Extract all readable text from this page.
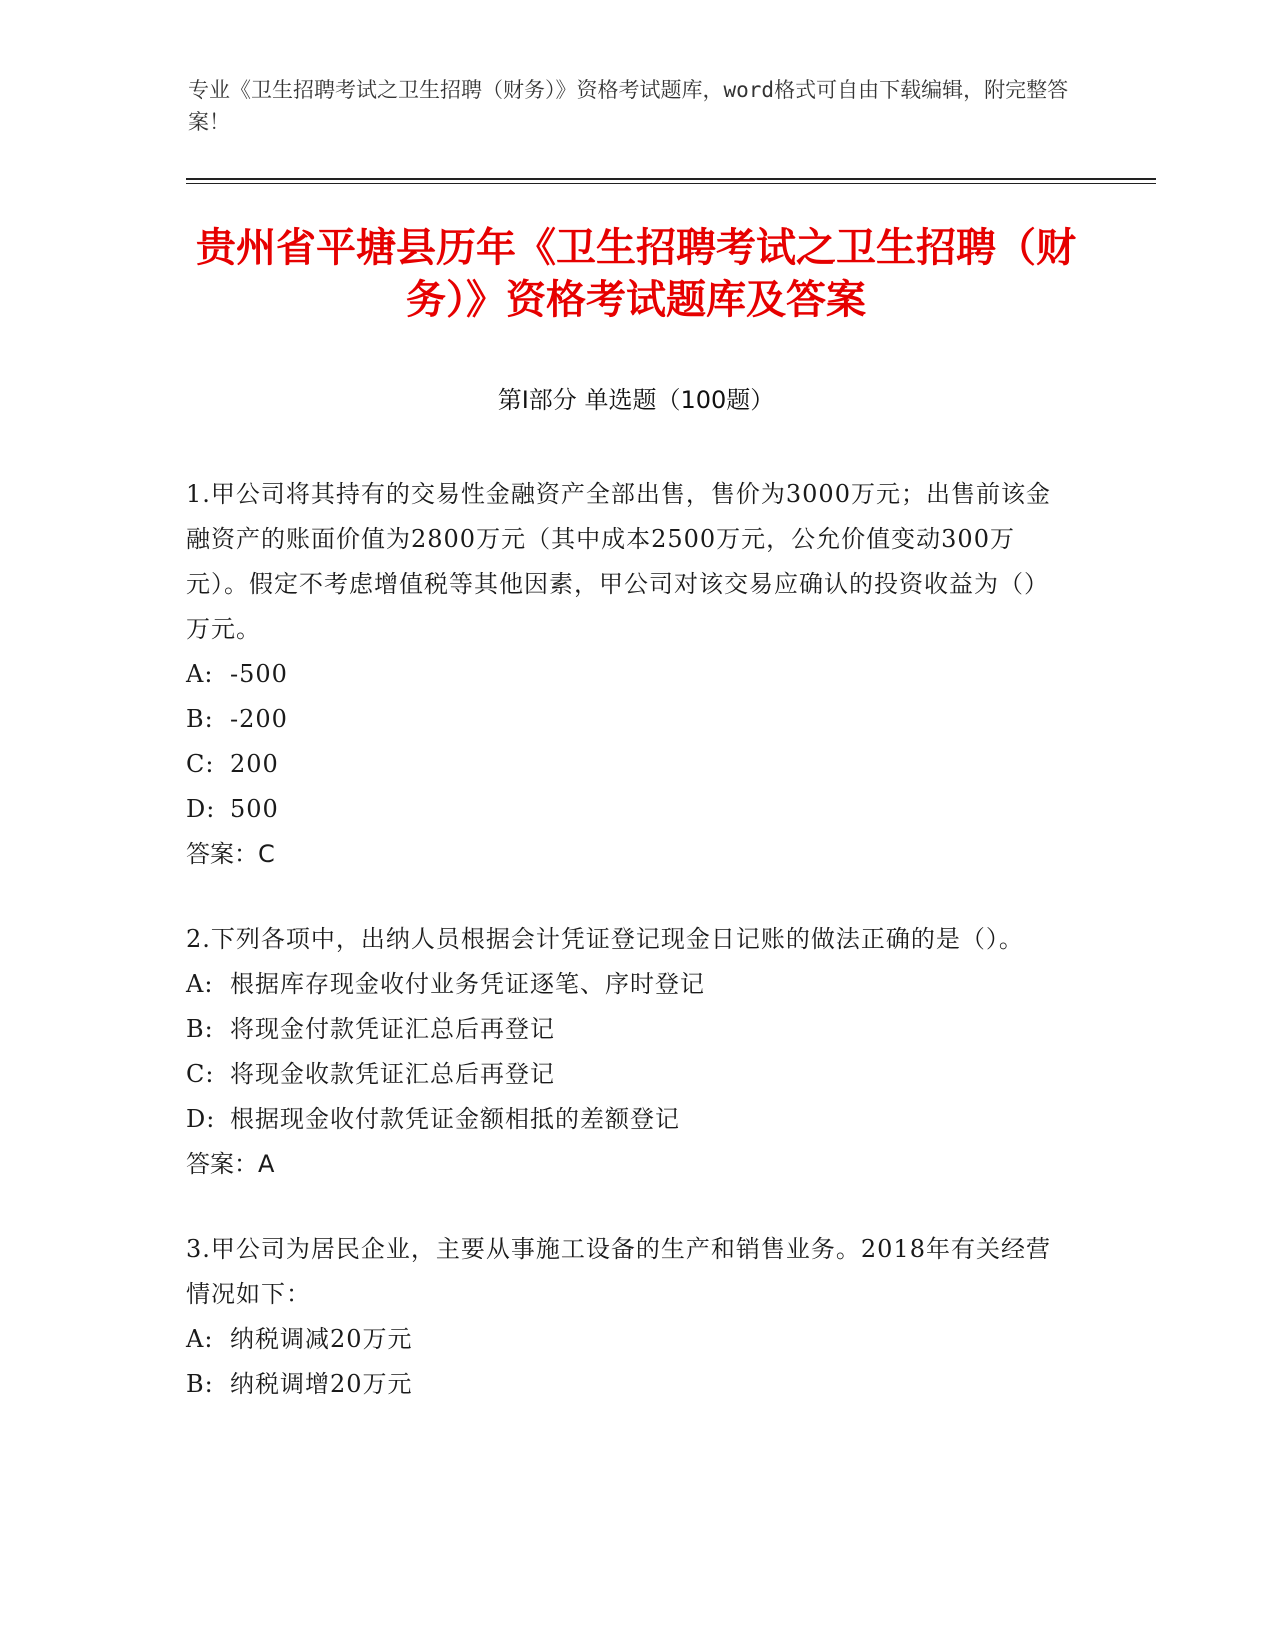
专业《卫生招聘考试之卫生招聘（财务）》资格考试题库，word格式可自由下载编辑，附完整答案！
贵州省平塘县历年《卫生招聘考试之卫生招聘（财务）》资格考试题库及答案
第Ⅰ部分 单选题（100题）
1.甲公司将其持有的交易性金融资产全部出售，售价为3000万元；出售前该金融资产的账面价值为2800万元（其中成本2500万元，公允价值变动300万元）。假定不考虑增值税等其他因素，甲公司对该交易应确认的投资收益为（）万元。
A: -500
B: -200
C: 200
D: 500
答案：C
2.下列各项中，出纳人员根据会计凭证登记现金日记账的做法正确的是（）。
A: 根据库存现金收付业务凭证逐笔、序时登记
B: 将现金付款凭证汇总后再登记
C: 将现金收款凭证汇总后再登记
D: 根据现金收付款凭证金额相抵的差额登记
答案：A
3.甲公司为居民企业，主要从事施工设备的生产和销售业务。2018年有关经营情况如下：
A: 纳税调减20万元
B: 纳税调增20万元
